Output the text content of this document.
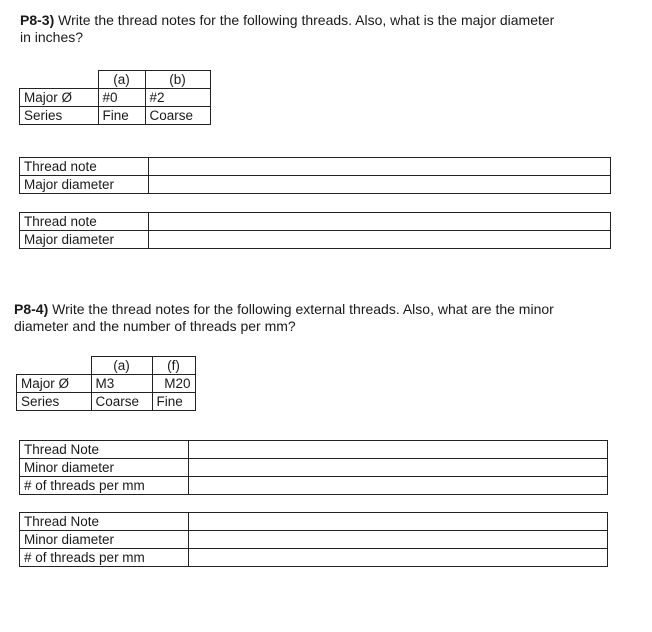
P8-3) Write the thread notes for the following threads. Also, what is the major diameter
in inches?
	(a)	(b)
Major Ø	#0	#2
Series	Fine	Coarse
Thread note	
Major diameter	
Thread note	
Major diameter	
P8-4) Write the thread notes for the following external threads. Also, what are the minor
diameter and the number of threads per mm?
	(a)	(f)
Major Ø	M3	M20
Series	Coarse	Fine
Thread Note	
Minor diameter	
# of threads per mm	
Thread Note	
Minor diameter	
# of threads per mm	
